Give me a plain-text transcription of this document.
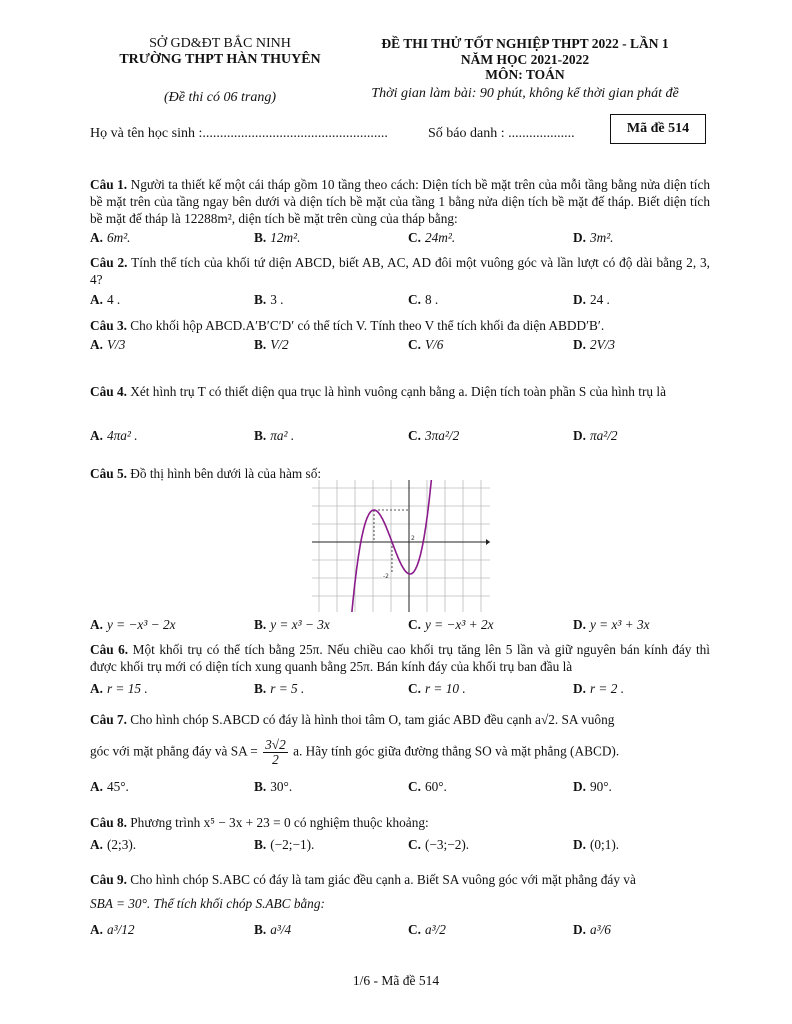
SỞ GD&ĐT BẮC NINH
TRƯỜNG THPT HÀN THUYÊN
(Đề thi có 06 trang)
ĐỀ THI THỬ TỐT NGHIỆP THPT 2022 - LẦN 1
NĂM HỌC 2021-2022
MÔN: TOÁN
Thời gian làm bài: 90 phút, không kể thời gian phát đề
Họ và tên học sinh :.....................................................	Số báo danh : ...................	Mã đề 514
Câu 1. Người ta thiết kế một cái tháp gồm 10 tầng theo cách: Diện tích bề mặt trên của mỗi tầng bằng nửa diện tích bề mặt trên của tầng ngay bên dưới và diện tích bề mặt của tầng 1 bằng nửa diện tích bề mặt đế tháp. Biết diện tích bề mặt đế tháp là 12288m², diện tích bề mặt trên cùng của tháp bằng:
A. 6m².	B. 12m².	C. 24m².	D. 3m².
Câu 2. Tính thể tích của khối tứ diện ABCD, biết AB, AC, AD đôi một vuông góc và lần lượt có độ dài bằng 2, 3, 4?
A. 4 .	B. 3 .	C. 8 .	D. 24 .
Câu 3. Cho khối hộp ABCD.A′B′C′D′ có thể tích V. Tính theo V thể tích khối đa diện ABDD′B′.
A. V/3	B. V/2	C. V/6	D. 2V/3
Câu 4. Xét hình trụ T có thiết diện qua trục là hình vuông cạnh bằng a. Diện tích toàn phần S của hình trụ là
A. 4πa² .	B. πa² .	C. 3πa²/2	D. πa²/2
Câu 5. Đồ thị hình bên dưới là của hàm số:
2
-2
A. y = −x³ − 2x	B. y = x³ − 3x	C. y = −x³ + 2x	D. y = x³ + 3x
Câu 6. Một khối trụ có thể tích bằng 25π. Nếu chiều cao khối trụ tăng lên 5 lần và giữ nguyên bán kính đáy thì được khối trụ mới có diện tích xung quanh bằng 25π. Bán kính đáy của khối trụ ban đầu là
A. r = 15 .	B. r = 5 .	C. r = 10 .	D. r = 2 .
Câu 7. Cho hình chóp S.ABCD có đáy là hình thoi tâm O, tam giác ABD đều cạnh a√2. SA vuông
góc với mặt phẳng đáy và SA = $\frac{3√2}{2} a$. Hãy tính góc giữa đường thẳng SO và mặt phẳng (ABCD).
A. 45°.	B. 30°.	C. 60°.	D. 90°.
Câu 8. Phương trình x⁵ − 3x + 23 = 0 có nghiệm thuộc khoảng:
A. (2;3).	B. (−2;−1).	C. (−3;−2).	D. (0;1).
Câu 9. Cho hình chóp S.ABC có đáy là tam giác đều cạnh a. Biết SA vuông góc với mặt phẳng đáy và
SBA = 30°. Thể tích khối chóp S.ABC bằng:
A. a³/12	B. a³/4	C. a³/2	D. a³/6
1/6 - Mã đề 514
